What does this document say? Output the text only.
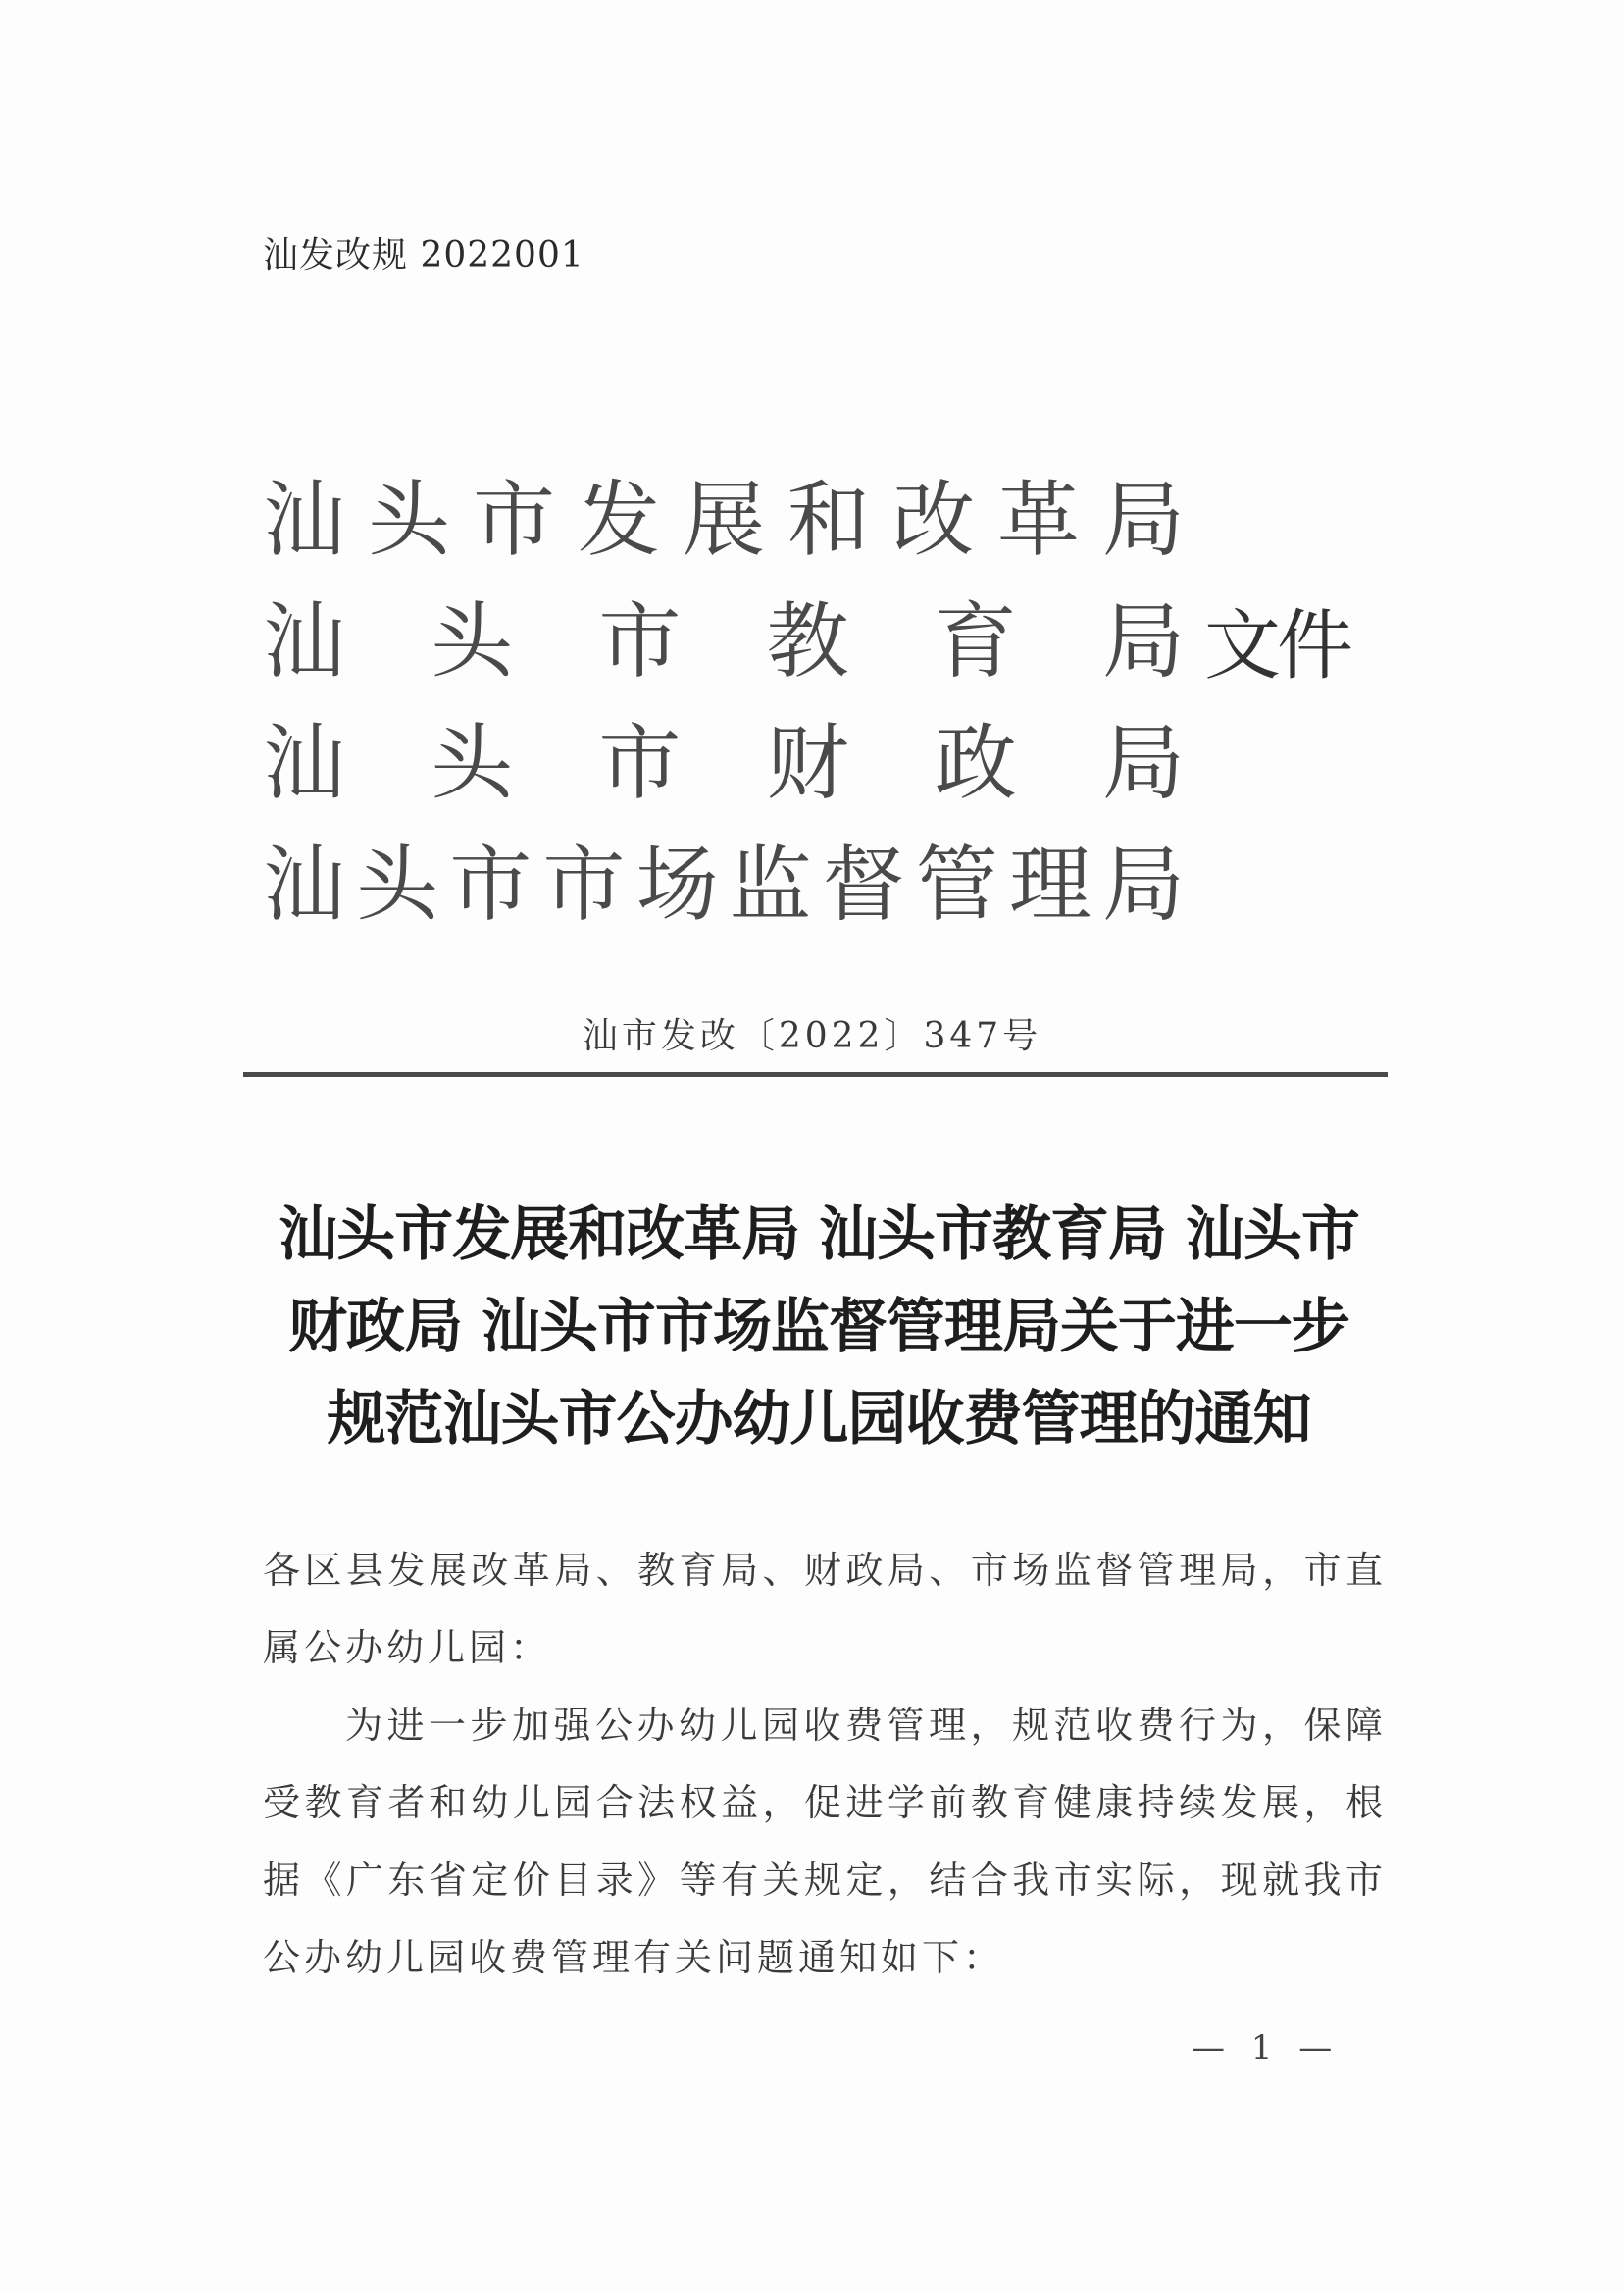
汕发改规 2022001
汕 头 市 发 展 和 改 革 局
汕 头 市 教 育 局
汕 头 市 财 政 局
汕 头 市 市 场 监 督 管 理 局
文件
汕市发改〔2022〕347号
汕头市发展和改革局 汕头市教育局 汕头市
财政局 汕头市市场监督管理局关于进一步
规范汕头市公办幼儿园收费管理的通知

各区县发展改革局、教育局、财政局、市场监督管理局，市直属公办幼儿园：

为进一步加强公办幼儿园收费管理，规范收费行为，保障受教育者和幼儿园合法权益，促进学前教育健康持续发展，根据《广东省定价目录》等有关规定，结合我市实际，现就我市公办幼儿园收费管理有关问题通知如下：

— 1 —
